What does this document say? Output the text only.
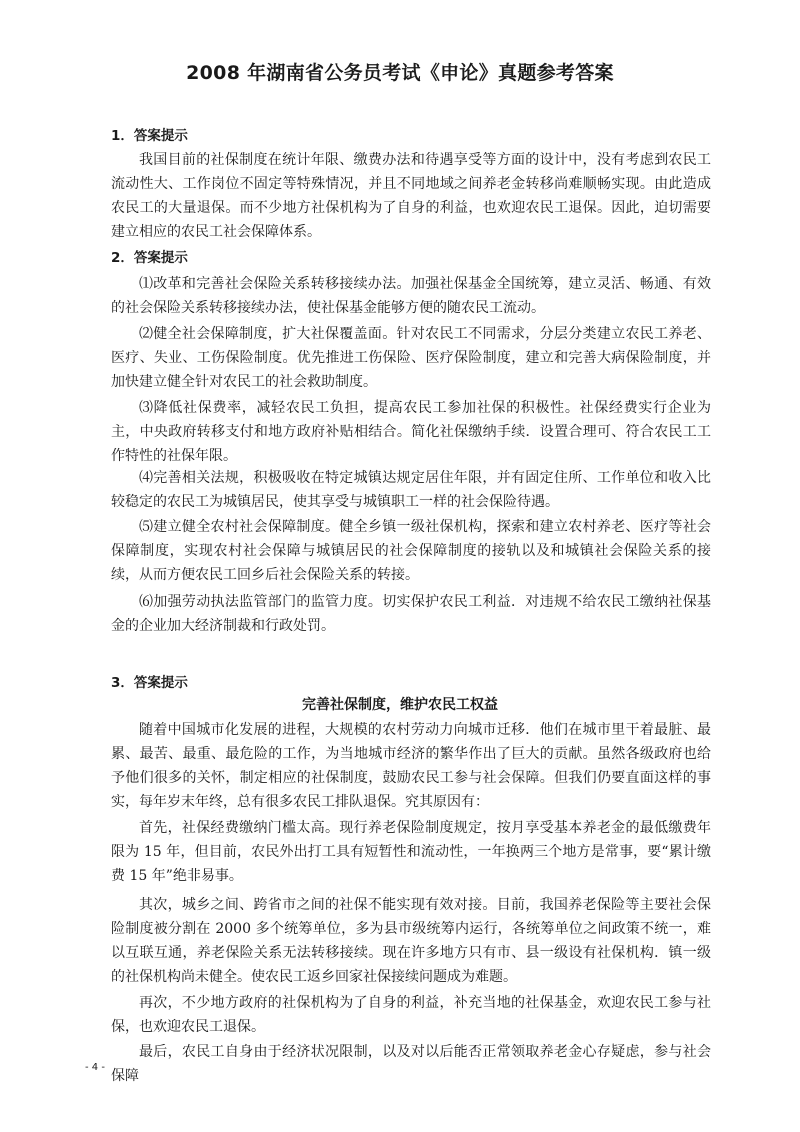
2008 年湖南省公务员考试《申论》真题参考答案
1．答案提示

我国目前的社保制度在统计年限、缴费办法和待遇享受等方面的设计中，没有考虑到农民工流动性大、工作岗位不固定等特殊情况，并且不同地域之间养老金转移尚难顺畅实现。由此造成农民工的大量退保。而不少地方社保机构为了自身的利益，也欢迎农民工退保。因此，迫切需要建立相应的农民工社会保障体系。

2．答案提示

⑴改革和完善社会保险关系转移接续办法。加强社保基金全国统筹，建立灵活、畅通、有效的社会保险关系转移接续办法，使社保基金能够方便的随农民工流动。

⑵健全社会保障制度，扩大社保覆盖面。针对农民工不同需求，分层分类建立农民工养老、医疗、失业、工伤保险制度。优先推进工伤保险、医疗保险制度，建立和完善大病保险制度，并加快建立健全针对农民工的社会救助制度。

⑶降低社保费率，减轻农民工负担，提高农民工参加社保的积极性。社保经费实行企业为主，中央政府转移支付和地方政府补贴相结合。简化社保缴纳手续．设置合理可、符合农民工工作特性的社保年限。

⑷完善相关法规，积极吸收在特定城镇达规定居住年限，并有固定住所、工作单位和收入比较稳定的农民工为城镇居民，使其享受与城镇职工一样的社会保险待遇。

⑸建立健全农村社会保障制度。健全乡镇一级社保机构，探索和建立农村养老、医疗等社会保障制度，实现农村社会保障与城镇居民的社会保障制度的接轨以及和城镇社会保险关系的接续，从而方便农民工回乡后社会保险关系的转接。

⑹加强劳动执法监管部门的监管力度。切实保护农民工利益．对违规不给农民工缴纳社保基金的企业加大经济制裁和行政处罚。

3．答案提示
完善社保制度，维护农民工权益

随着中国城市化发展的进程，大规模的农村劳动力向城市迁移．他们在城市里干着最脏、最累、最苦、最重、最危险的工作，为当地城市经济的繁华作出了巨大的贡献。虽然各级政府也给予他们很多的关怀，制定相应的社保制度，鼓励农民工参与社会保障。但我们仍要直面这样的事实，每年岁末年终，总有很多农民工排队退保。究其原因有：

首先，社保经费缴纳门槛太高。现行养老保险制度规定，按月享受基本养老金的最低缴费年限为 15 年，但目前，农民外出打工具有短暂性和流动性，一年换两三个地方是常事，要“累计缴费 15 年”绝非易事。

其次，城乡之间、跨省市之间的社保不能实现有效对接。目前，我国养老保险等主要社会保险制度被分割在 2000 多个统筹单位，多为县市级统筹内运行，各统筹单位之间政策不统一，难以互联互通，养老保险关系无法转移接续。现在许多地方只有市、县一级设有社保机构．镇一级的社保机构尚未健全。使农民工返乡回家社保接续问题成为难题。

再次，不少地方政府的社保机构为了自身的利益，补充当地的社保基金，欢迎农民工参与社保，也欢迎农民工退保。

最后，农民工自身由于经济状况限制，以及对以后能否正常领取养老金心存疑虑，参与社会保障

- 4 -
